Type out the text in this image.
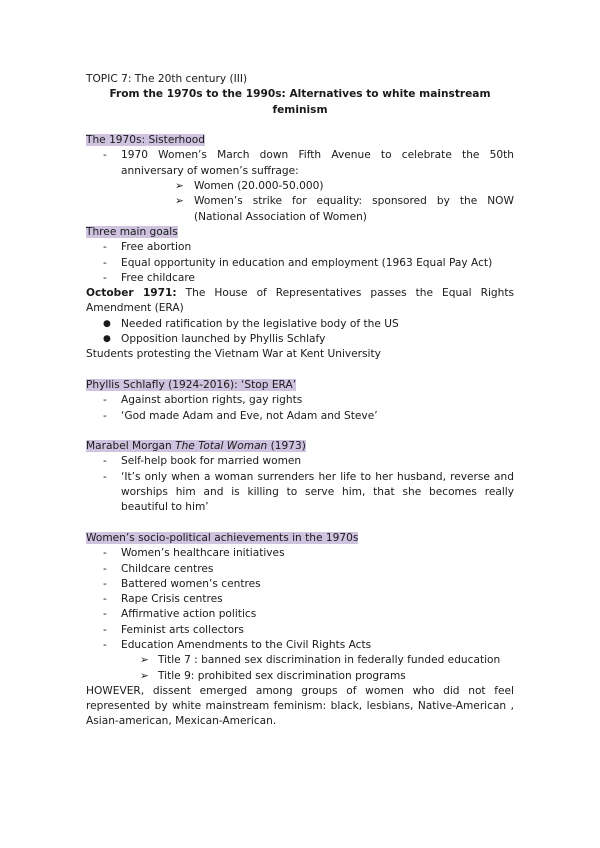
TOPIC 7: The 20th century (III)

From the 1970s to the 1990s: Alternatives to white mainstream

feminism

The 1970s: Sisterhood

-	1970 Women’s March down Fifth Avenue to celebrate the 50th anniversary of women’s suffrage:
➢ Women (20.000-50.000)
➢ Women’s strike for equality: sponsored by the NOW (National Association of Women)

Three main goals

-	Free abortion
-	Equal opportunity in education and employment (1963 Equal Pay Act)
-	Free childcare

October 1971: The House of Representatives passes the Equal Rights Amendment (ERA)

● Needed ratification by the legislative body of the US
● Opposition launched by Phyllis Schlafy

Students protesting the Vietnam War at Kent University

Phyllis Schlafly (1924-2016): ‘Stop ERA’

-	Against abortion rights, gay rights
-	‘God made Adam and Eve, not Adam and Steve’

Marabel Morgan The Total Woman (1973)

-	Self-help book for married women
-	‘It’s only when a woman surrenders her life to her husband, reverse and worships him and is killing to serve him, that she becomes really beautiful to him’

Women’s socio-political achievements in the 1970s

-	Women’s healthcare initiatives
-	Childcare centres
-	Battered women’s centres
-	Rape Crisis centres
-	Affirmative action politics
-	Feminist arts collectors
-	Education Amendments to the Civil Rights Acts
➢ Title 7 : banned sex discrimination in federally funded education
➢ Title 9: prohibited sex discrimination programs

HOWEVER, dissent emerged among groups of women who did not feel represented by white mainstream feminism: black, lesbians, Native-American , Asian-american, Mexican-American.
